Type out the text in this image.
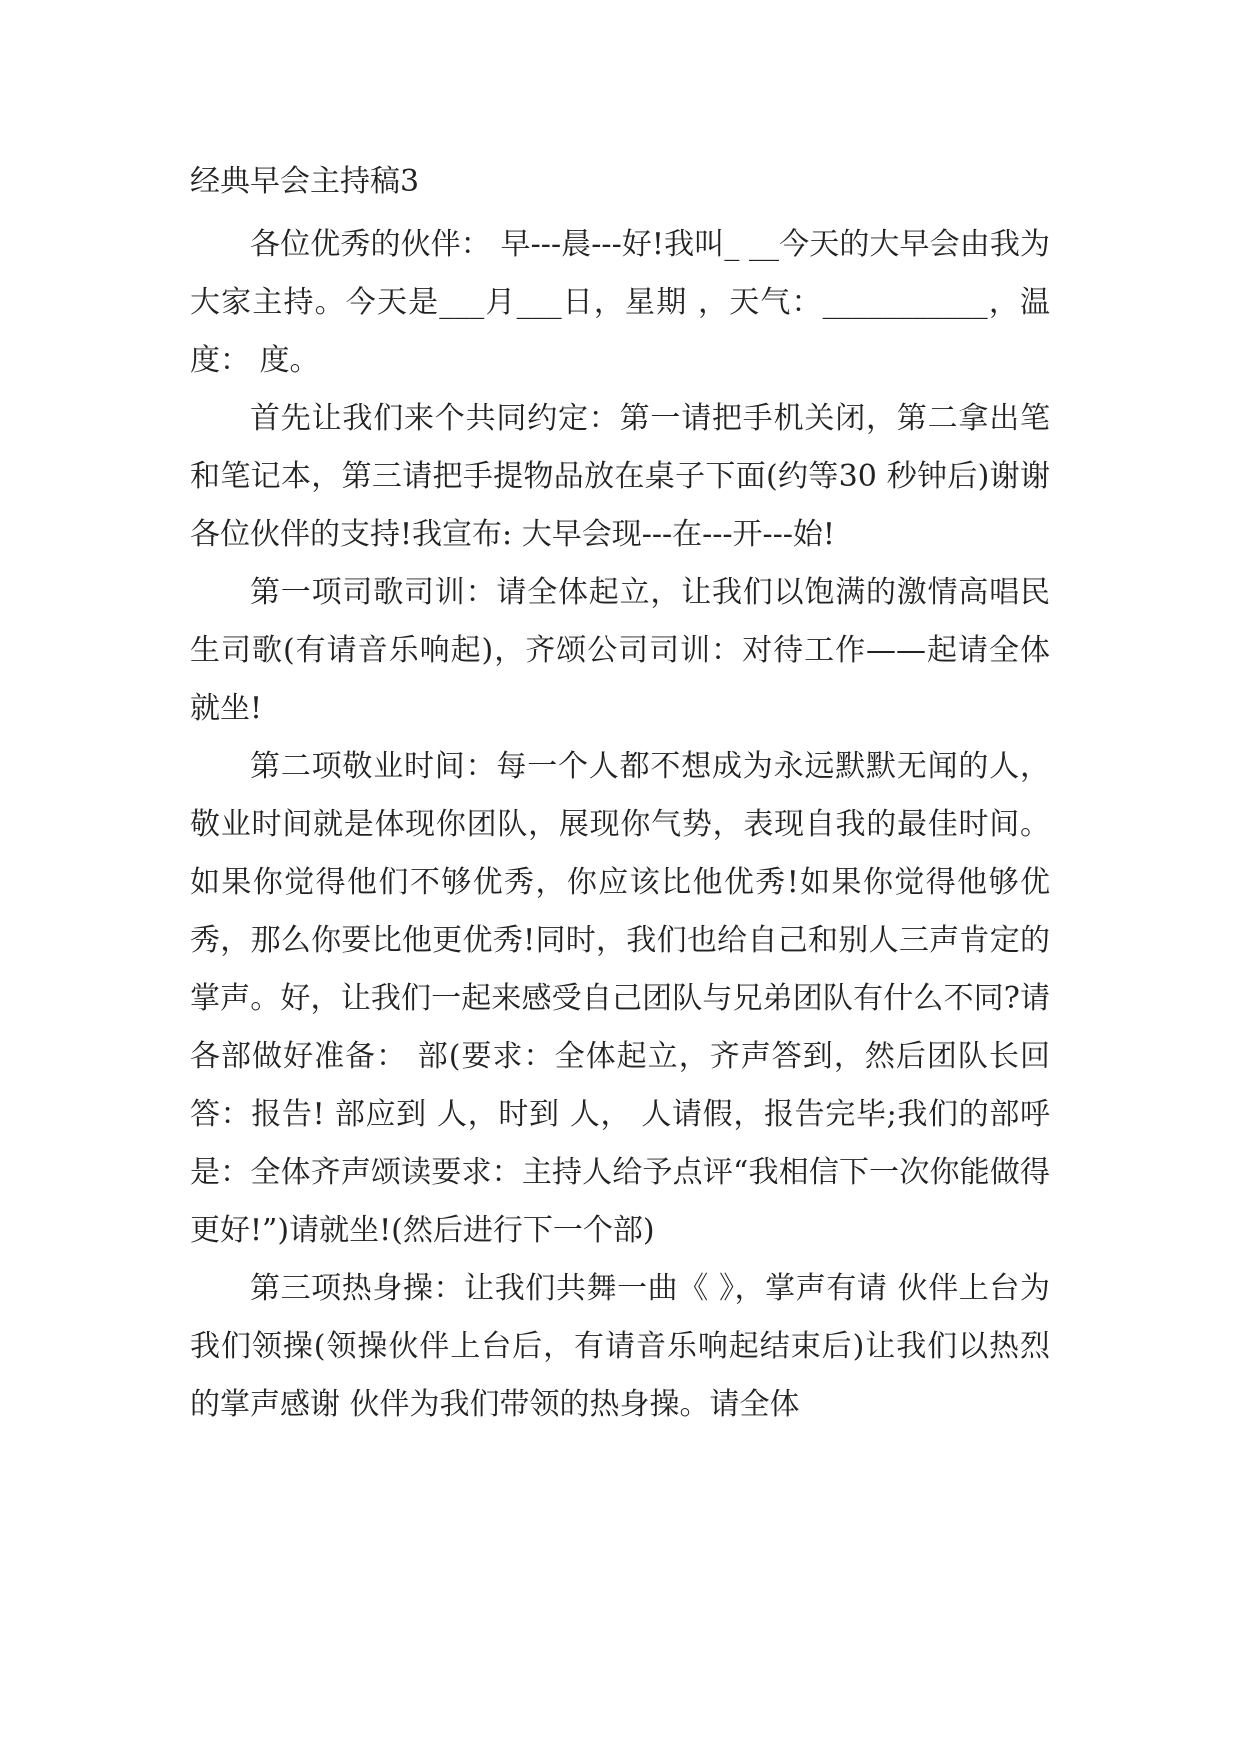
经典早会主持稿3

各位优秀的伙伴： 早---晨---好!我叫_ __今天的大早会由我为大家主持。今天是___月___日，星期 ，天气：___________，温度： 度。

首先让我们来个共同约定：第一请把手机关闭，第二拿出笔和笔记本，第三请把手提物品放在桌子下面(约等30 秒钟后)谢谢各位伙伴的支持!我宣布: 大早会现---在---开---始!

第一项司歌司训：请全体起立，让我们以饱满的激情高唱民生司歌(有请音乐响起)，齐颂公司司训：对待工作——起请全体就坐!

第二项敬业时间：每一个人都不想成为永远默默无闻的人，敬业时间就是体现你团队，展现你气势，表现自我的最佳时间。如果你觉得他们不够优秀，你应该比他优秀!如果你觉得他够优秀，那么你要比他更优秀!同时，我们也给自己和别人三声肯定的掌声。好，让我们一起来感受自己团队与兄弟团队有什么不同?请各部做好准备： 部(要求：全体起立，齐声答到，然后团队长回答：报告! 部应到 人，时到 人， 人请假，报告完毕;我们的部呼是：全体齐声颂读要求：主持人给予点评“我相信下一次你能做得更好!”)请就坐!(然后进行下一个部)

第三项热身操：让我们共舞一曲《 》，掌声有请 伙伴上台为我们领操(领操伙伴上台后，有请音乐响起结束后)让我们以热烈的掌声感谢 伙伴为我们带领的热身操。请全体
